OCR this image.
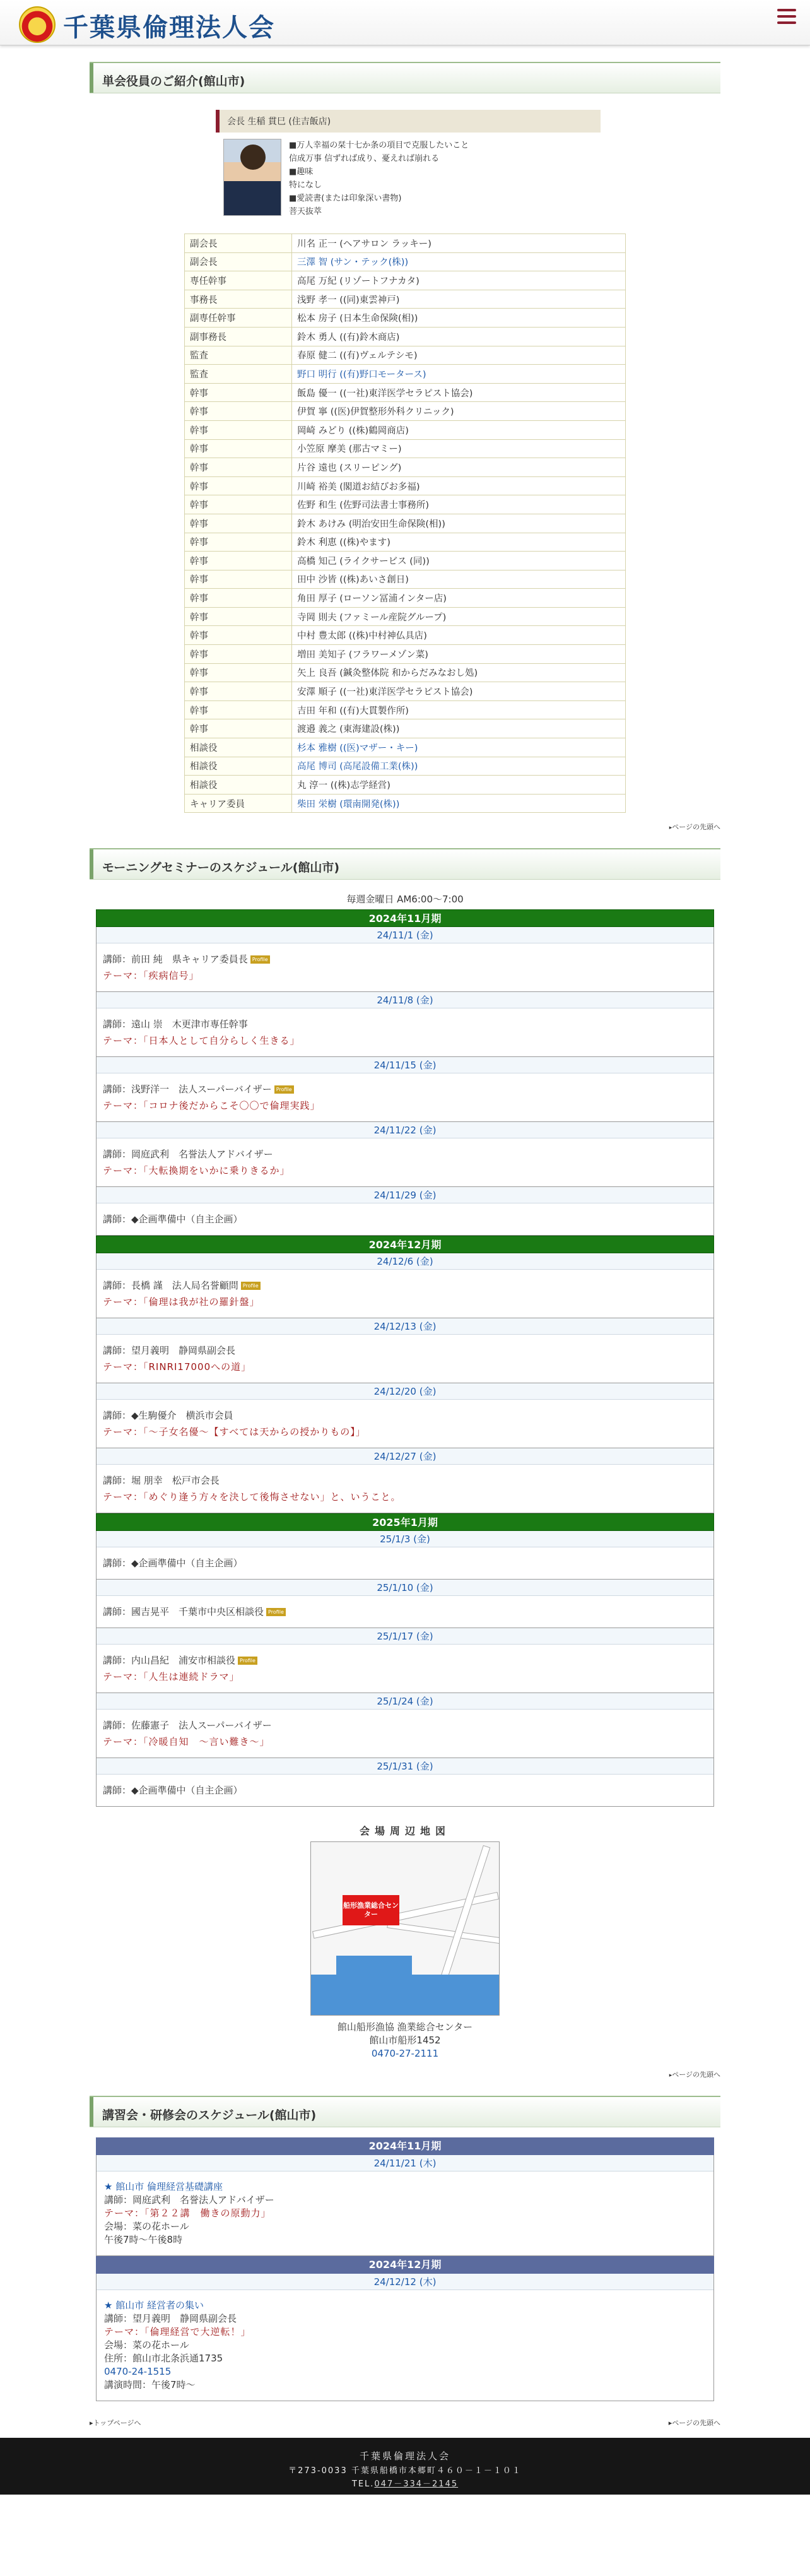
千葉県倫理法人会
単会役員のご紹介(館山市)
会長 生稲 貫巳 (住吉飯店)
■万人幸福の栞十七か条の項目で克服したいこと
信成万事 信ずれば成り、憂えれば崩れる
■趣味
特になし
■愛読書(または印象深い書物)
菩天抜萃
副会長	川名 正一 (ヘアサロン ラッキー)
副会長	三澤 智 (サン・テック(株))
専任幹事	高尾 万紀 (リゾートフナカタ)
事務長	浅野 孝一 ((同)東雲神戸)
副専任幹事	松本 房子 (日本生命保険(相))
副事務長	鈴木 勇人 ((有)鈴木商店)
監査	春原 健二 ((有)ヴェルテシモ)
監査	野口 明行 ((有)野口モータース)
幹事	飯島 優一 ((一社)東洋医学セラピスト協会)
幹事	伊賀 寧 ((医)伊賀整形外科クリニック)
幹事	岡崎 みどり ((株)鶴岡商店)
幹事	小笠原 摩美 (那古マミー)
幹事	片谷 遠也 (スリーピング)
幹事	川崎 裕美 (閣道お結びお多福)
幹事	佐野 和生 (佐野司法書士事務所)
幹事	鈴木 あけみ (明治安田生命保険(相))
幹事	鈴木 利恵 ((株)やます)
幹事	高橋 知己 (ライクサービス (同))
幹事	田中 沙皆 ((株)あいさ創日)
幹事	角田 厚子 (ローソン冨浦インター店)
幹事	寺岡 則夫 (ファミール産院グループ)
幹事	中村 豊太郎 ((株)中村神仏具店)
幹事	増田 美知子 (フラワーメゾン菜)
幹事	矢上 良吾 (鍼灸整体院 和からだみなおし処)
幹事	安澤 順子 ((一社)東洋医学セラピスト協会)
幹事	吉田 年和 ((有)大貫製作所)
幹事	渡邉 義之 (東海建設(株))
相談役	杉本 雅樹 ((医)マザー・キー)
相談役	高尾 博司 (高尾設備工業(株))
相談役	丸 淳一 ((株)志学経営)
キャリア委員	柴田 栄樹 (環南開発(株))
▸ページの先頭へ
モーニングセミナーのスケジュール(館山市)
毎週金曜日 AM6:00～7:00
2024年11月期
24/11/1 (金)
講師：前田 純　県キャリア委員長 Profile
テーマ：「疾病信号」
24/11/8 (金)
講師：遠山 崇　木更津市専任幹事
テーマ：「日本人として自分らしく生きる」
24/11/15 (金)
講師：浅野洋一　法人スーパーバイザー Profile
テーマ：「コロナ後だからこそ〇〇で倫理実践」
24/11/22 (金)
講師：岡庭武利　名誉法人アドバイザー
テーマ：「大転換期をいかに乗りきるか」
24/11/29 (金)
講師：◆企画準備中（自主企画）
2024年12月期
24/12/6 (金)
講師：長橋 謹　法人局名誉顧問 Profile
テーマ：「倫理は我が社の羅針盤」
24/12/13 (金)
講師：望月義明　静岡県副会長
テーマ：「RINRI17000への道」
24/12/20 (金)
講師：◆生駒優介　横浜市会員
テーマ：「～子女名優～【すべては天からの授かりもの】」
24/12/27 (金)
講師：堀 朋幸　松戸市会長
テーマ：「めぐり逢う方々を決して後悔させない」と、いうこと。
2025年1月期
25/1/3 (金)
講師：◆企画準備中（自主企画）
25/1/10 (金)
講師：國吉晃平　千葉市中央区相談役 Profile
25/1/17 (金)
講師：内山昌紀　浦安市相談役 Profile
テーマ：「人生は連続ドラマ」
25/1/24 (金)
講師：佐藤憲子　法人スーパーバイザー
テーマ：「冷暖自知　～言い難き～」
25/1/31 (金)
講師：◆企画準備中（自主企画）
会場周辺地図
船形漁業総合センター
館山船形漁協 漁業総合センター
館山市船形1452
0470-27-2111
▸ページの先頭へ
講習会・研修会のスケジュール(館山市)
2024年11月期
24/11/21 (木)
★ 館山市 倫理経営基礎講座
講師：岡庭武利　名誉法人アドバイザー
テーマ：「第２２講　働きの原動力」
会場：菜の花ホール
午後7時～午後8時
2024年12月期
24/12/12 (木)
★ 館山市 経営者の集い
講師：望月義明　静岡県副会長
テーマ：「倫理経営で大逆転！」
会場：菜の花ホール
住所：館山市北条浜通1735
0470-24-1515
講演時間：午後7時～
▸トップページへ	▸ページの先頭へ
千葉県倫理法人会
〒273-0033 千葉県船橋市本郷町４６０－１－１０１
TEL.047－334－2145
